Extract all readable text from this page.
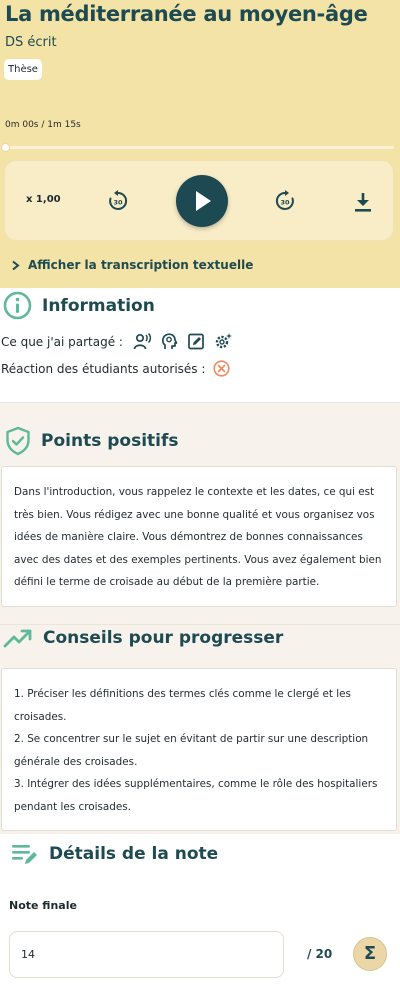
La méditerranée au moyen-âge
DS écrit
Thèse
0m 00s / 1m 15s
x 1,00	30	30
Afficher la transcription textuelle
Information
Ce que j'ai partagé :
Réaction des étudiants autorisés :
Points positifs
Dans l'introduction, vous rappelez le contexte et les dates, ce qui est très bien. Vous rédigez avec une bonne qualité et vous organisez vos idées de manière claire. Vous démontrez de bonnes connaissances avec des dates et des exemples pertinents. Vous avez également bien défini le terme de croisade au début de la première partie.
Conseils pour progresser
1. Préciser les définitions des termes clés comme le clergé et les croisades.
2. Se concentrer sur le sujet en évitant de partir sur une description générale des croisades.
3. Intégrer des idées supplémentaires, comme le rôle des hospitaliers pendant les croisades.
Détails de la note
Note finale
14	/ 20	Σ
